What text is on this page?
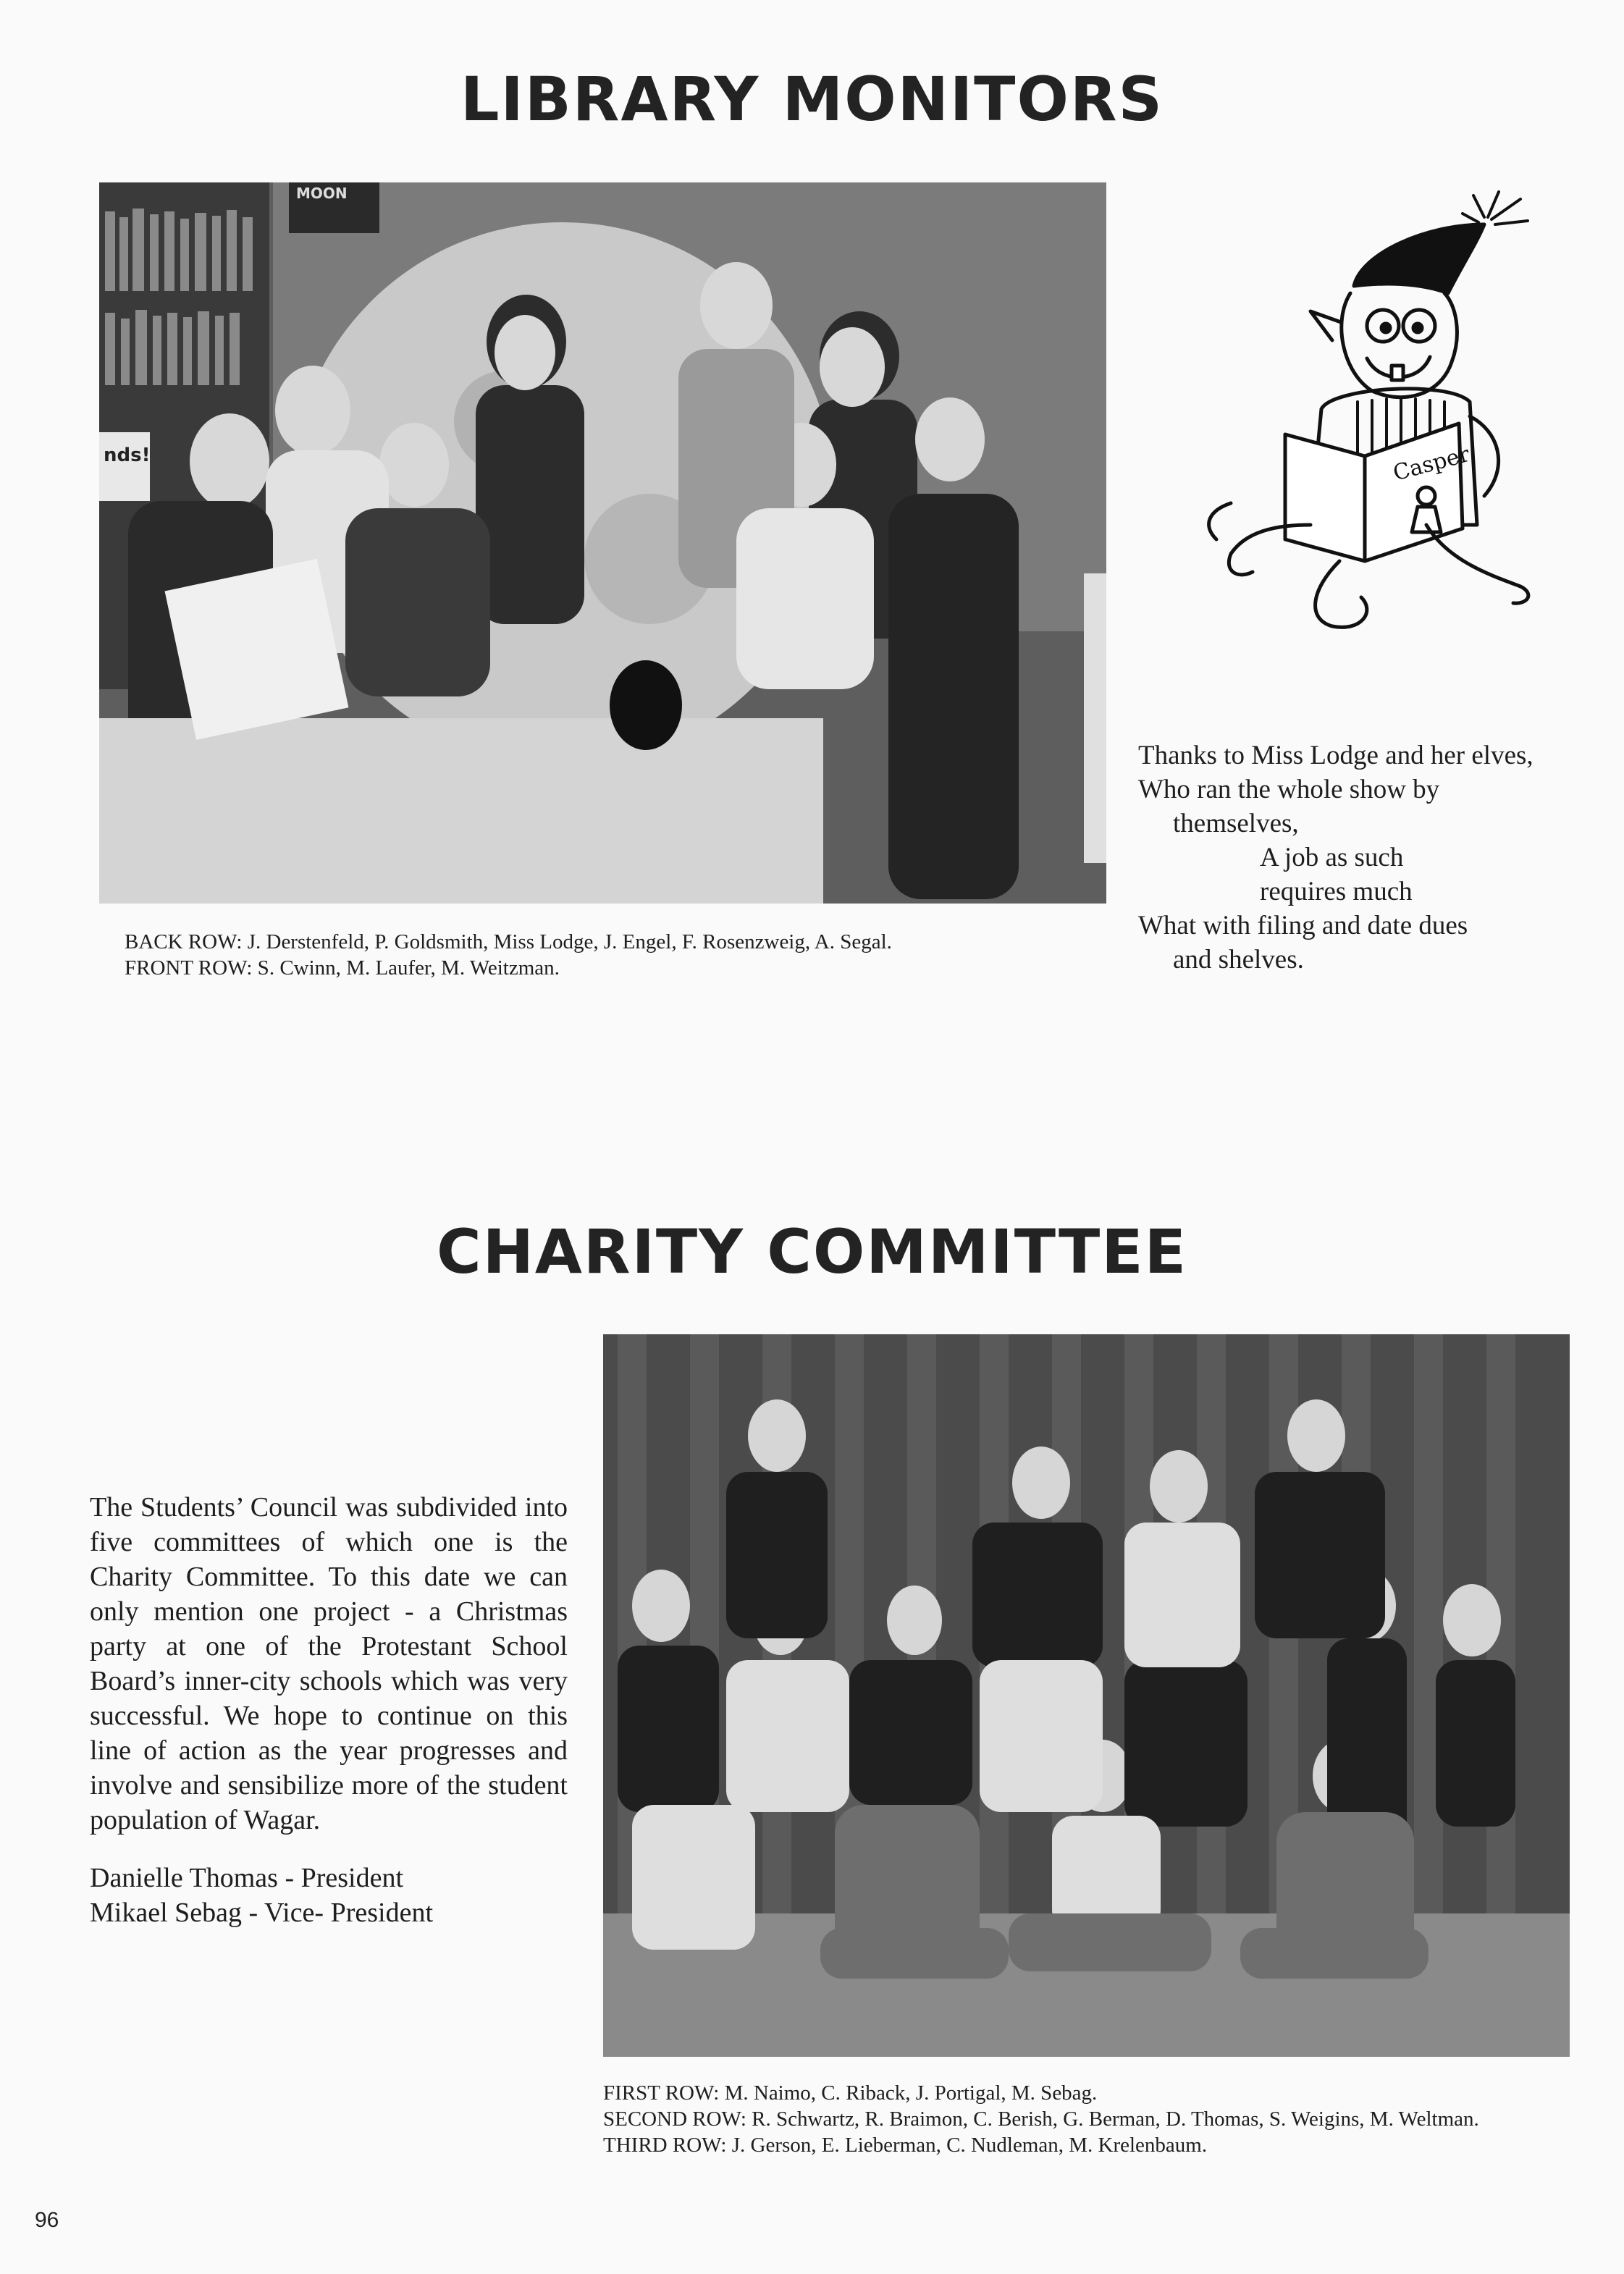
LIBRARY MONITORS
nds!
MOON

BACK ROW: J. Derstenfeld, P. Goldsmith, Miss Lodge, J. Engel, F. Rosenzweig, A. Segal.

FRONT ROW: S. Cwinn, M. Laufer, M. Weitzman.

Casper

Thanks to Miss Lodge and her elves,

Who ran the whole show by

themselves,

A job as such

requires much

What with filing and date dues

and shelves.

CHARITY COMMITTEE

The Students’ Council was subdivided into five committees of which one is the Charity Committee. To this date we can only mention one project - a Christmas party at one of the Protestant School Board’s inner-city schools which was very successful. We hope to continue on this line of action as the year progresses and involve and sensibilize more of the student population of Wagar.

Danielle Thomas - President

Mikael Sebag - Vice- President

FIRST ROW: M. Naimo, C. Riback, J. Portigal, M. Sebag.

SECOND ROW: R. Schwartz, R. Braimon, C. Berish, G. Berman, D. Thomas, S. Weigins, M. Weltman.

THIRD ROW: J. Gerson, E. Lieberman, C. Nudleman, M. Krelenbaum.

96
